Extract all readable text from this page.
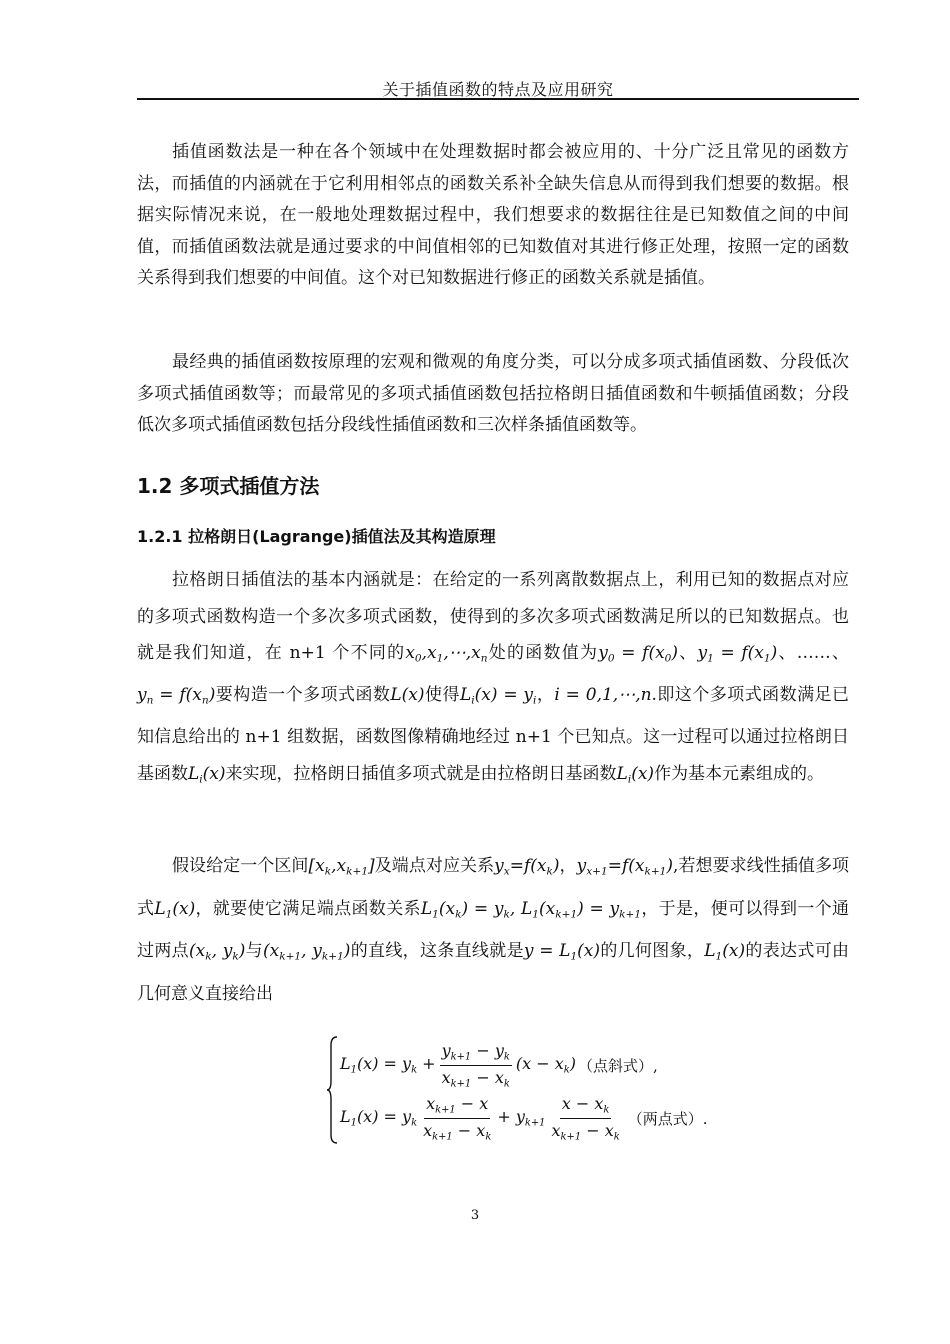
关于插值函数的特点及应用研究

插值函数法是一种在各个领域中在处理数据时都会被应用的、十分广泛且常见的函数方法，而插值的内涵就在于它利用相邻点的函数关系补全缺失信息从而得到我们想要的数据。根据实际情况来说，在一般地处理数据过程中，我们想要求的数据往往是已知数值之间的中间值，而插值函数法就是通过要求的中间值相邻的已知数值对其进行修正处理，按照一定的函数关系得到我们想要的中间值。这个对已知数据进行修正的函数关系就是插值。

最经典的插值函数按原理的宏观和微观的角度分类，可以分成多项式插值函数、分段低次多项式插值函数等；而最常见的多项式插值函数包括拉格朗日插值函数和牛顿插值函数；分段低次多项式插值函数包括分段线性插值函数和三次样条插值函数等。

1.2 多项式插值方法
1.2.1 拉格朗日(Lagrange)插值法及其构造原理

拉格朗日插值法的基本内涵就是：在给定的一系列离散数据点上，利用已知的数据点对应的多项式函数构造一个多次多项式函数，使得到的多次多项式函数满足所以的已知数据点。也就是我们知道，在 n+1 个不同的$x_0,x_1,\cdots,x_n$处的函数值为$y_0 = f(x_0)$、$y_1 = f(x_1)$、……、$y_n = f(x_n)$要构造一个多项式函数L(x)使得$L_i(x) = y_i$，i = 0,1,⋯,n.即这个多项式函数满足已知信息给出的 n+1 组数据，函数图像精确地经过 n+1 个已知点。这一过程可以通过拉格朗日基函数$L_i(x)$来实现，拉格朗日插值多项式就是由拉格朗日基函数$L_i(x)$作为基本元素组成的。

假设给定一个区间$[x_k,x_{k+1}]$及端点对应关系$y_x=f(x_k)$，$y_{x+1}=f(x_{k+1})$,若想要求线性插值多项式$L_1(x)$，就要使它满足端点函数关系$L_1(x_k) = y_k$, $L_1(x_{k+1}) = y_{k+1}$，于是，便可以得到一个通过两点($x_k$, $y_k$)与($x_{k+1}$, $y_{k+1}$)的直线，这条直线就是$y = L_1(x)$的几何图象，$L_1(x)$的表达式可由几何意义直接给出

$L_1(x) = y_k + \frac{y_{k+1} - y_k}{x_{k+1} - x_k} (x - x_k)$ （点斜式）,
$L_1(x) = y_k \frac{x_{k+1} - x}{x_{k+1} - x_k} + y_{k+1} \frac{x - x_k}{x_{k+1} - x_k}$ （两点式）.
3
